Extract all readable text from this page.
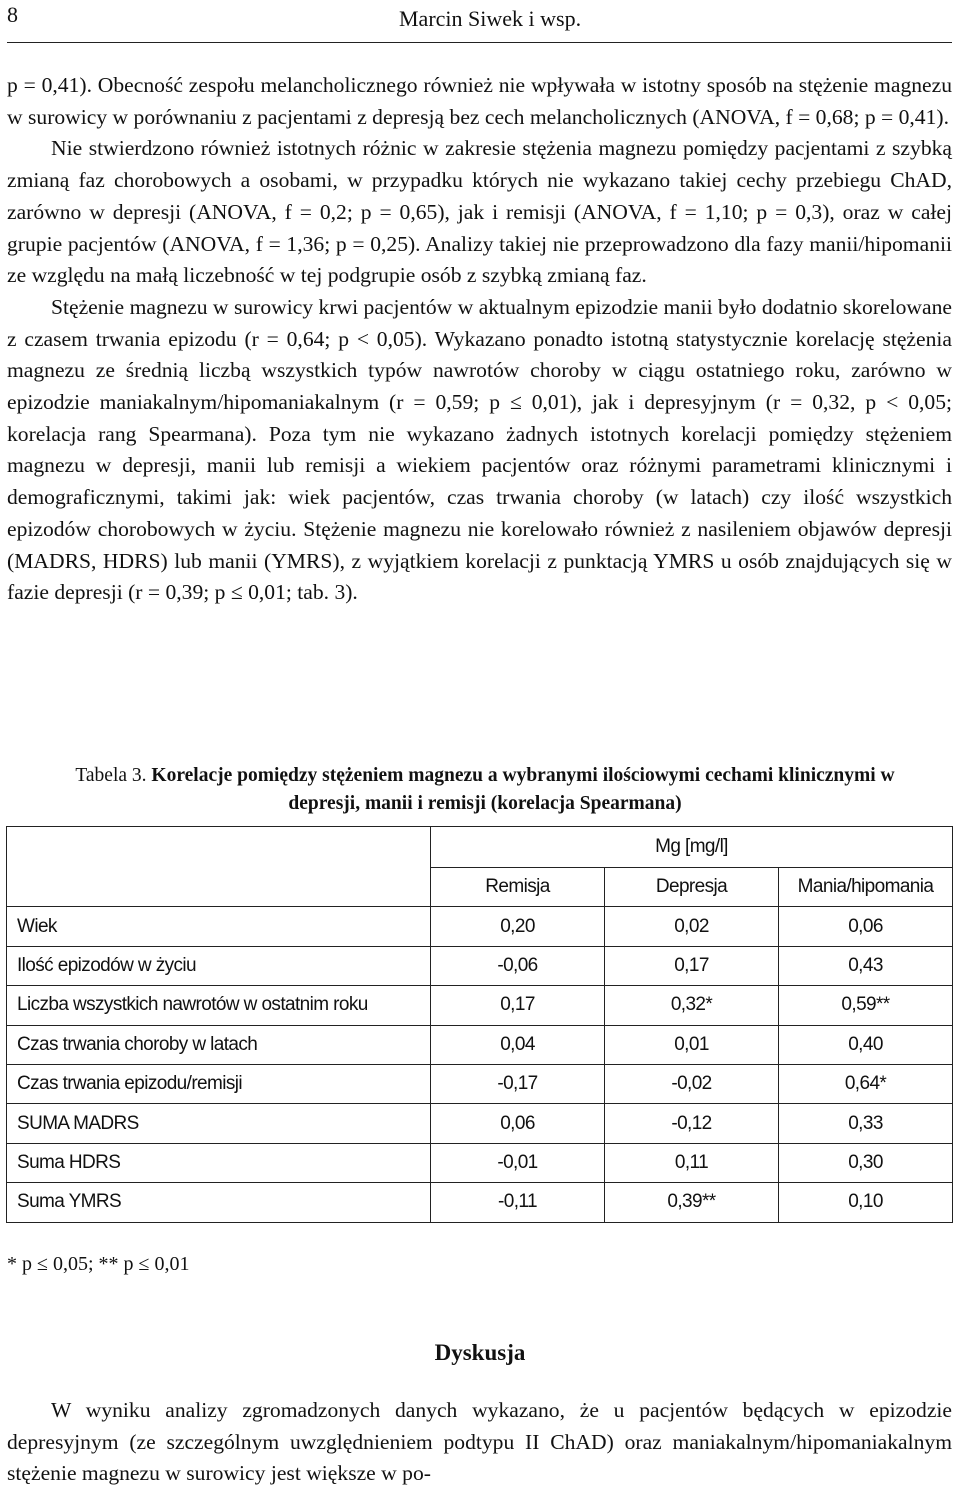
8	Marcin Siwek i wsp.

p = 0,41). Obecność zespołu melancholicznego również nie wpływała w istotny sposób na stężenie magnezu w surowicy w porównaniu z pacjentami z depresją bez cech melancholicznych (ANOVA, f = 0,68; p = 0,41).

Nie stwierdzono również istotnych różnic w zakresie stężenia magnezu pomiędzy pacjentami z szybką zmianą faz chorobowych a osobami, w przypadku których nie wykazano takiej cechy przebiegu ChAD, zarówno w depresji (ANOVA, f = 0,2; p = 0,65), jak i remisji (ANOVA, f = 1,10; p = 0,3), oraz w całej grupie pacjentów (ANOVA, f = 1,36; p = 0,25). Analizy takiej nie przeprowadzono dla fazy manii/hipomanii ze względu na małą liczebność w tej podgrupie osób z szybką zmianą faz.

Stężenie magnezu w surowicy krwi pacjentów w aktualnym epizodzie manii było dodatnio skorelowane z czasem trwania epizodu (r = 0,64; p < 0,05). Wykazano ponadto istotną statystycznie korelację stężenia magnezu ze średnią liczbą wszystkich typów nawrotów choroby w ciągu ostatniego roku, zarówno w epizodzie maniakalnym/hipomaniakalnym (r = 0,59; p ≤ 0,01), jak i depresyjnym (r = 0,32, p < 0,05; korelacja rang Spearmana). Poza tym nie wykazano żadnych istotnych korelacji pomiędzy stężeniem magnezu w depresji, manii lub remisji a wiekiem pacjentów oraz różnymi parametrami klinicznymi i demograficznymi, takimi jak: wiek pacjentów, czas trwania choroby (w latach) czy ilość wszystkich epizodów chorobowych w życiu. Stężenie magnezu nie korelowało również z nasileniem objawów depresji (MADRS, HDRS) lub manii (YMRS), z wyjątkiem korelacji z punktacją YMRS u osób znajdujących się w fazie depresji (r = 0,39; p ≤ 0,01; tab. 3).

Tabela 3. Korelacje pomiędzy stężeniem magnezu a wybranymi ilościowymi cechami klinicznymi w depresji, manii i remisji (korelacja Spearmana)
	Mg [mg/l]		
	Remisja	Depresja	Mania/hipomania
Wiek	0,20	0,02	0,06
Ilość epizodów w życiu	-0,06	0,17	0,43
Liczba wszystkich nawrotów w ostatnim roku	0,17	0,32*	0,59**
Czas trwania choroby w latach	0,04	0,01	0,40
Czas trwania epizodu/remisji	-0,17	-0,02	0,64*
SUMA MADRS	0,06	-0,12	0,33
Suma HDRS	-0,01	0,11	0,30
Suma YMRS	-0,11	0,39**	0,10
* p ≤ 0,05; ** p ≤ 0,01
Dyskusja

W wyniku analizy zgromadzonych danych wykazano, że u pacjentów będących w epizodzie depresyjnym (ze szczególnym uwzględnieniem podtypu II ChAD) oraz maniakalnym/hipomaniakalnym stężenie magnezu w surowicy jest większe w po-
